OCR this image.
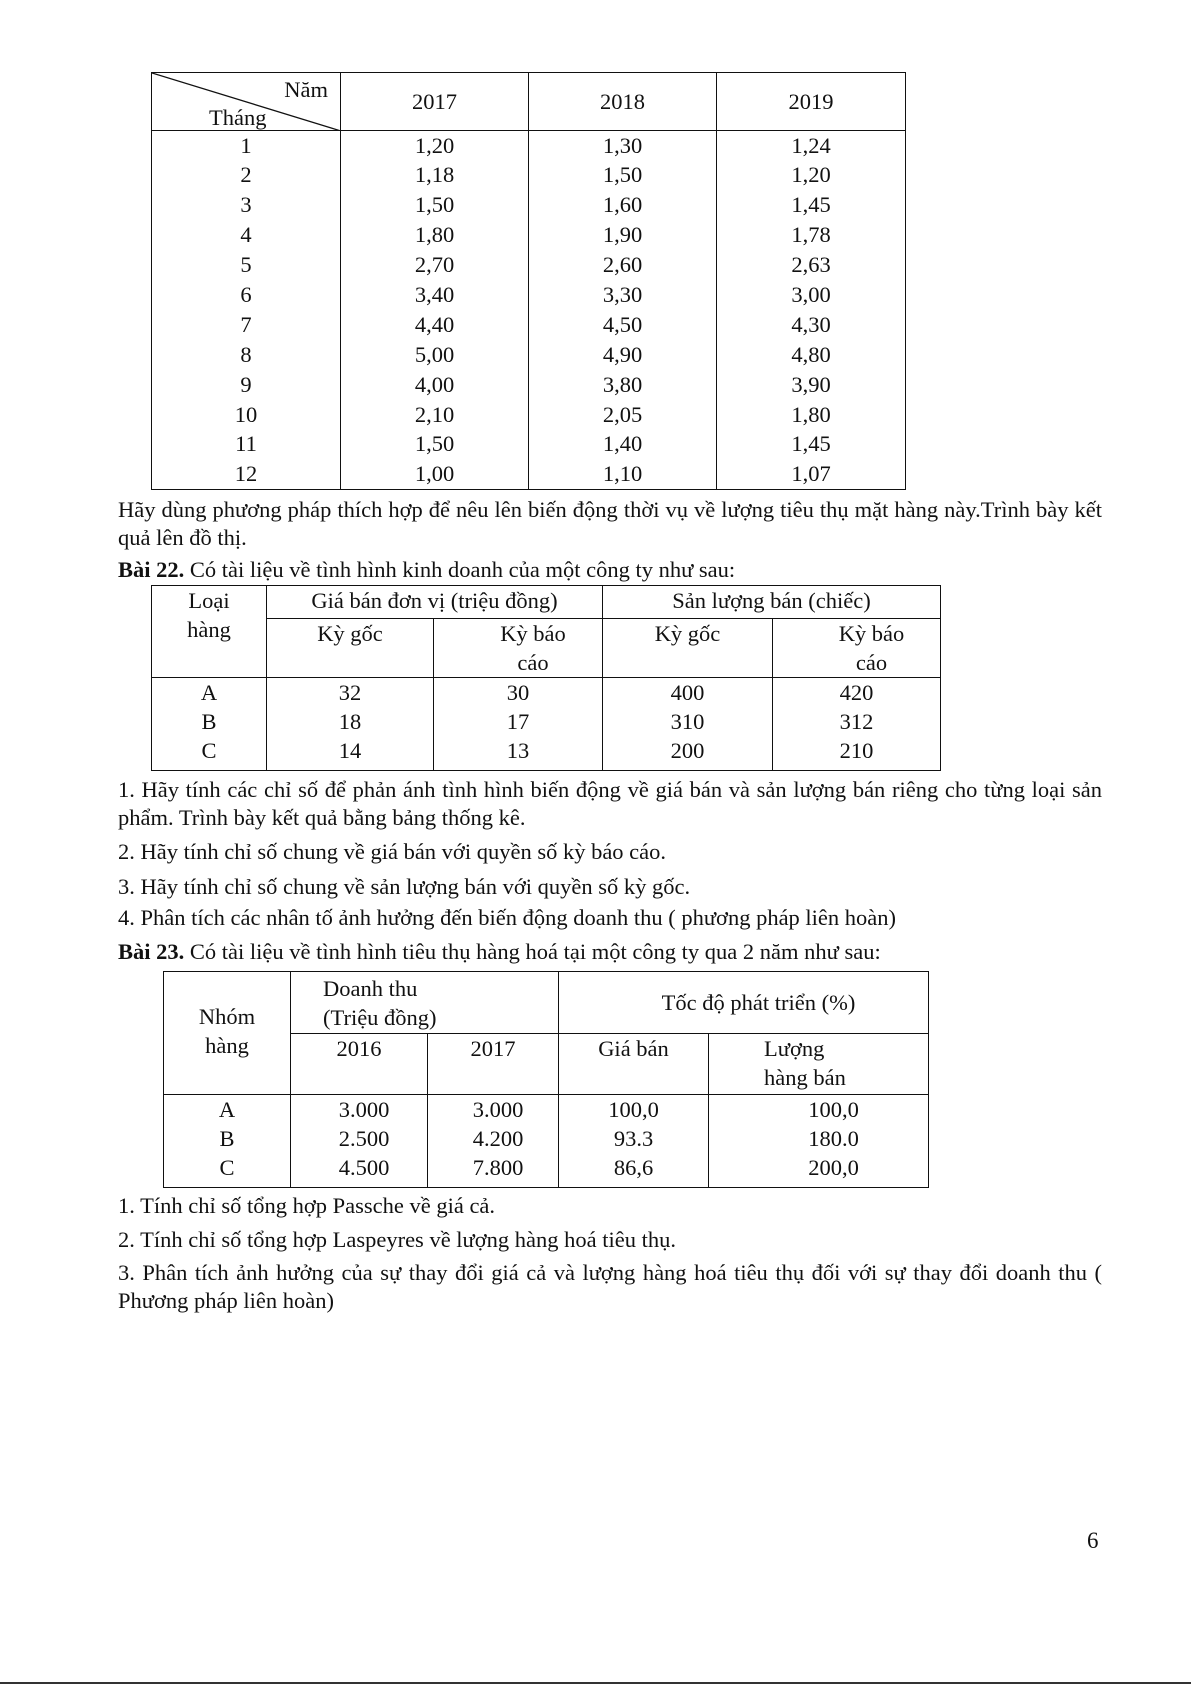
Năm
Tháng	2017	2018	2019
1	1,20	1,30	1,24
2	1,18	1,50	1,20
3	1,50	1,60	1,45
4	1,80	1,90	1,78
5	2,70	2,60	2,63
6	3,40	3,30	3,00
7	4,40	4,50	4,30
8	5,00	4,90	4,80
9	4,00	3,80	3,90
10	2,10	2,05	1,80
11	1,50	1,40	1,45
12	1,00	1,10	1,07
Hãy dùng phương pháp thích hợp để nêu lên biến động thời vụ về lượng tiêu thụ mặt hàng này.Trình bày kết quả lên đồ thị.
Bài 22. Có tài liệu về tình hình kinh doanh của một công ty như sau:
Loại hàng	Giá bán đơn vị (triệu đồng)		Sản lượng bán (chiếc)	
	Kỳ gốc	Kỳ báo cáo	Kỳ gốc	Kỳ báo cáo
A	32	30	400	420
B	18	17	310	312
C	14	13	200	210
1. Hãy tính các chỉ số để phản ánh tình hình biến động về giá bán và sản lượng bán riêng cho từng loại sản phẩm. Trình bày kết quả bằng bảng thống kê.
2. Hãy tính chỉ số chung về giá bán với quyền số kỳ báo cáo.
3. Hãy tính chỉ số chung về sản lượng bán với quyền số kỳ gốc.
4. Phân tích các nhân tố ảnh hưởng đến biến động doanh thu ( phương pháp liên hoàn)
Bài 23. Có tài liệu về tình hình tiêu thụ hàng hoá tại một công ty qua 2 năm như sau:
Nhóm hàng	Doanh thu (Triệu đồng)		Tốc độ phát triển (%)	
	2016	2017	Giá bán	Lượng hàng bán
A	3.000	3.000	100,0	100,0
B	2.500	4.200	93.3	180.0
C	4.500	7.800	86,6	200,0
1. Tính chỉ số tổng hợp Passche về giá cả.
2. Tính chỉ số tổng hợp Laspeyres về lượng hàng hoá tiêu thụ.
3. Phân tích ảnh hưởng của sự thay đổi giá cả và lượng hàng hoá tiêu thụ đối với sự thay đổi doanh thu ( Phương pháp liên hoàn)
6
